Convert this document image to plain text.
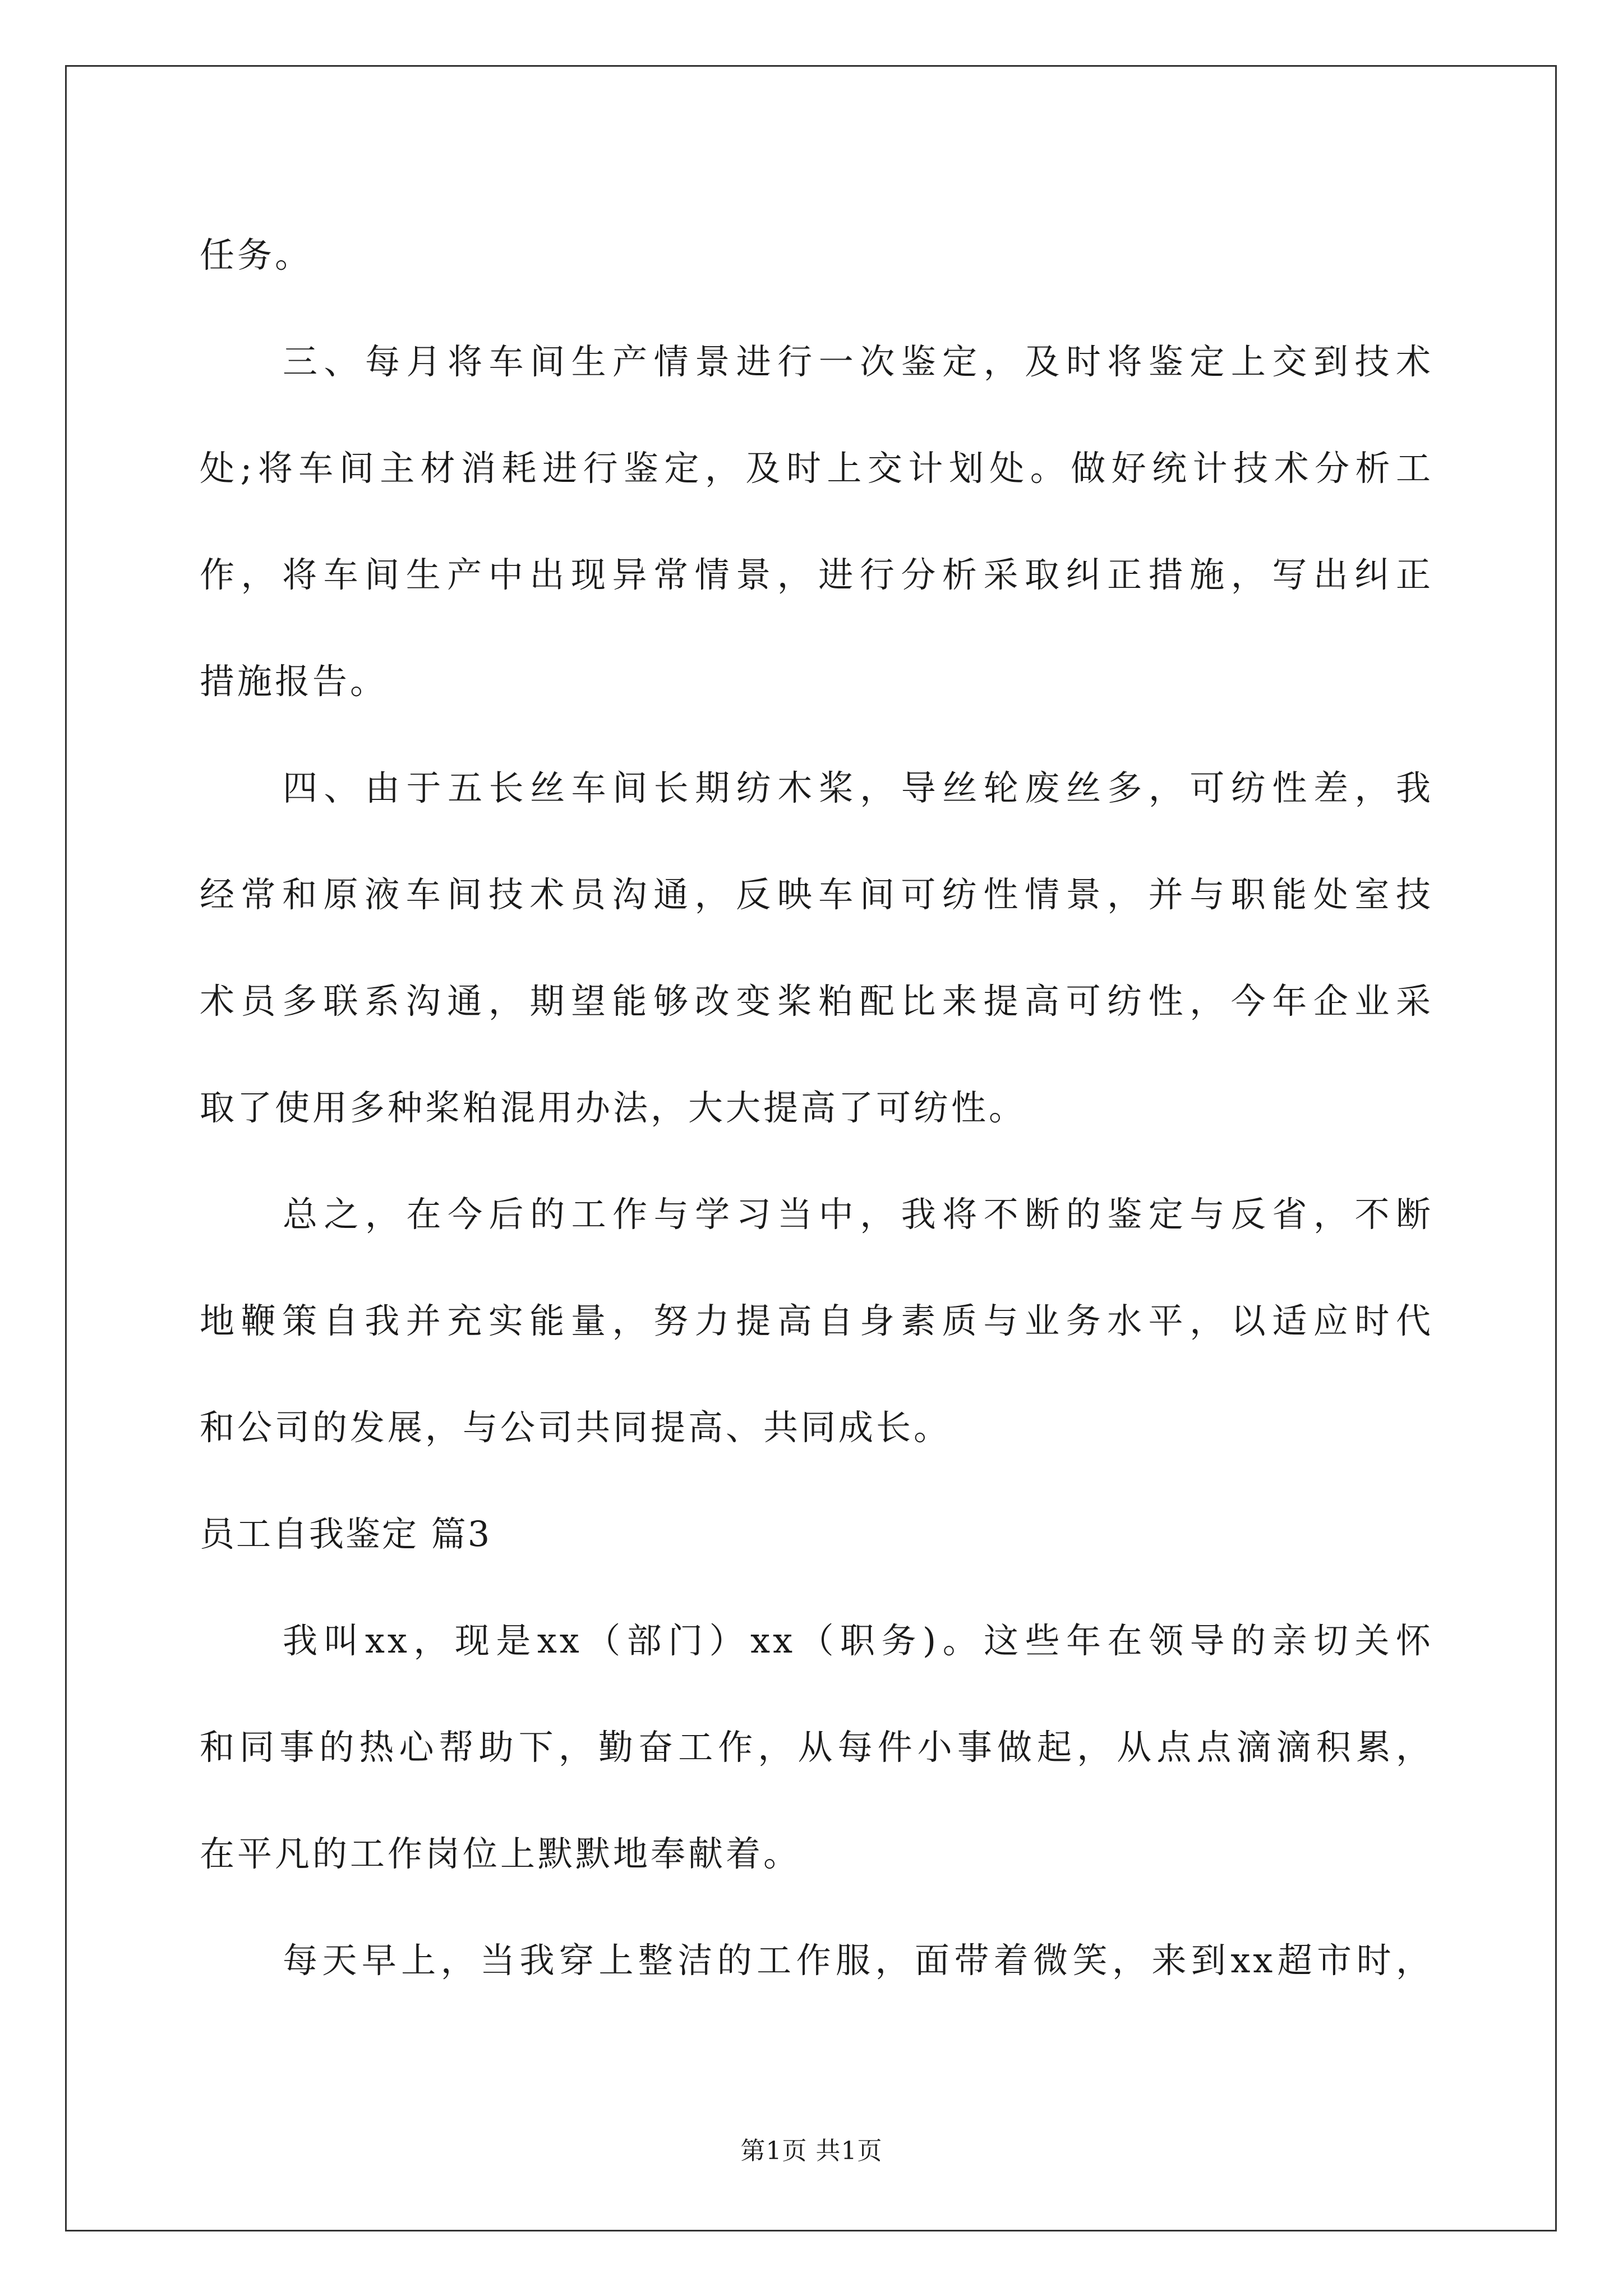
任务。
三、每月将车间生产情景进行一次鉴定，及时将鉴定上交到技术
处;将车间主材消耗进行鉴定，及时上交计划处。做好统计技术分析工
作，将车间生产中出现异常情景，进行分析采取纠正措施，写出纠正
措施报告。
四、由于五长丝车间长期纺木桨，导丝轮废丝多，可纺性差，我
经常和原液车间技术员沟通，反映车间可纺性情景，并与职能处室技
术员多联系沟通，期望能够改变桨粕配比来提高可纺性，今年企业采
取了使用多种桨粕混用办法，大大提高了可纺性。
总之，在今后的工作与学习当中，我将不断的鉴定与反省，不断
地鞭策自我并充实能量，努力提高自身素质与业务水平，以适应时代
和公司的发展，与公司共同提高、共同成长。
员工自我鉴定 篇3
我叫xx，现是xx（部门）xx（职务)。这些年在领导的亲切关怀
和同事的热心帮助下，勤奋工作，从每件小事做起，从点点滴滴积累，
在平凡的工作岗位上默默地奉献着。
每天早上，当我穿上整洁的工作服，面带着微笑，来到xx超市时，
第1页 共1页
